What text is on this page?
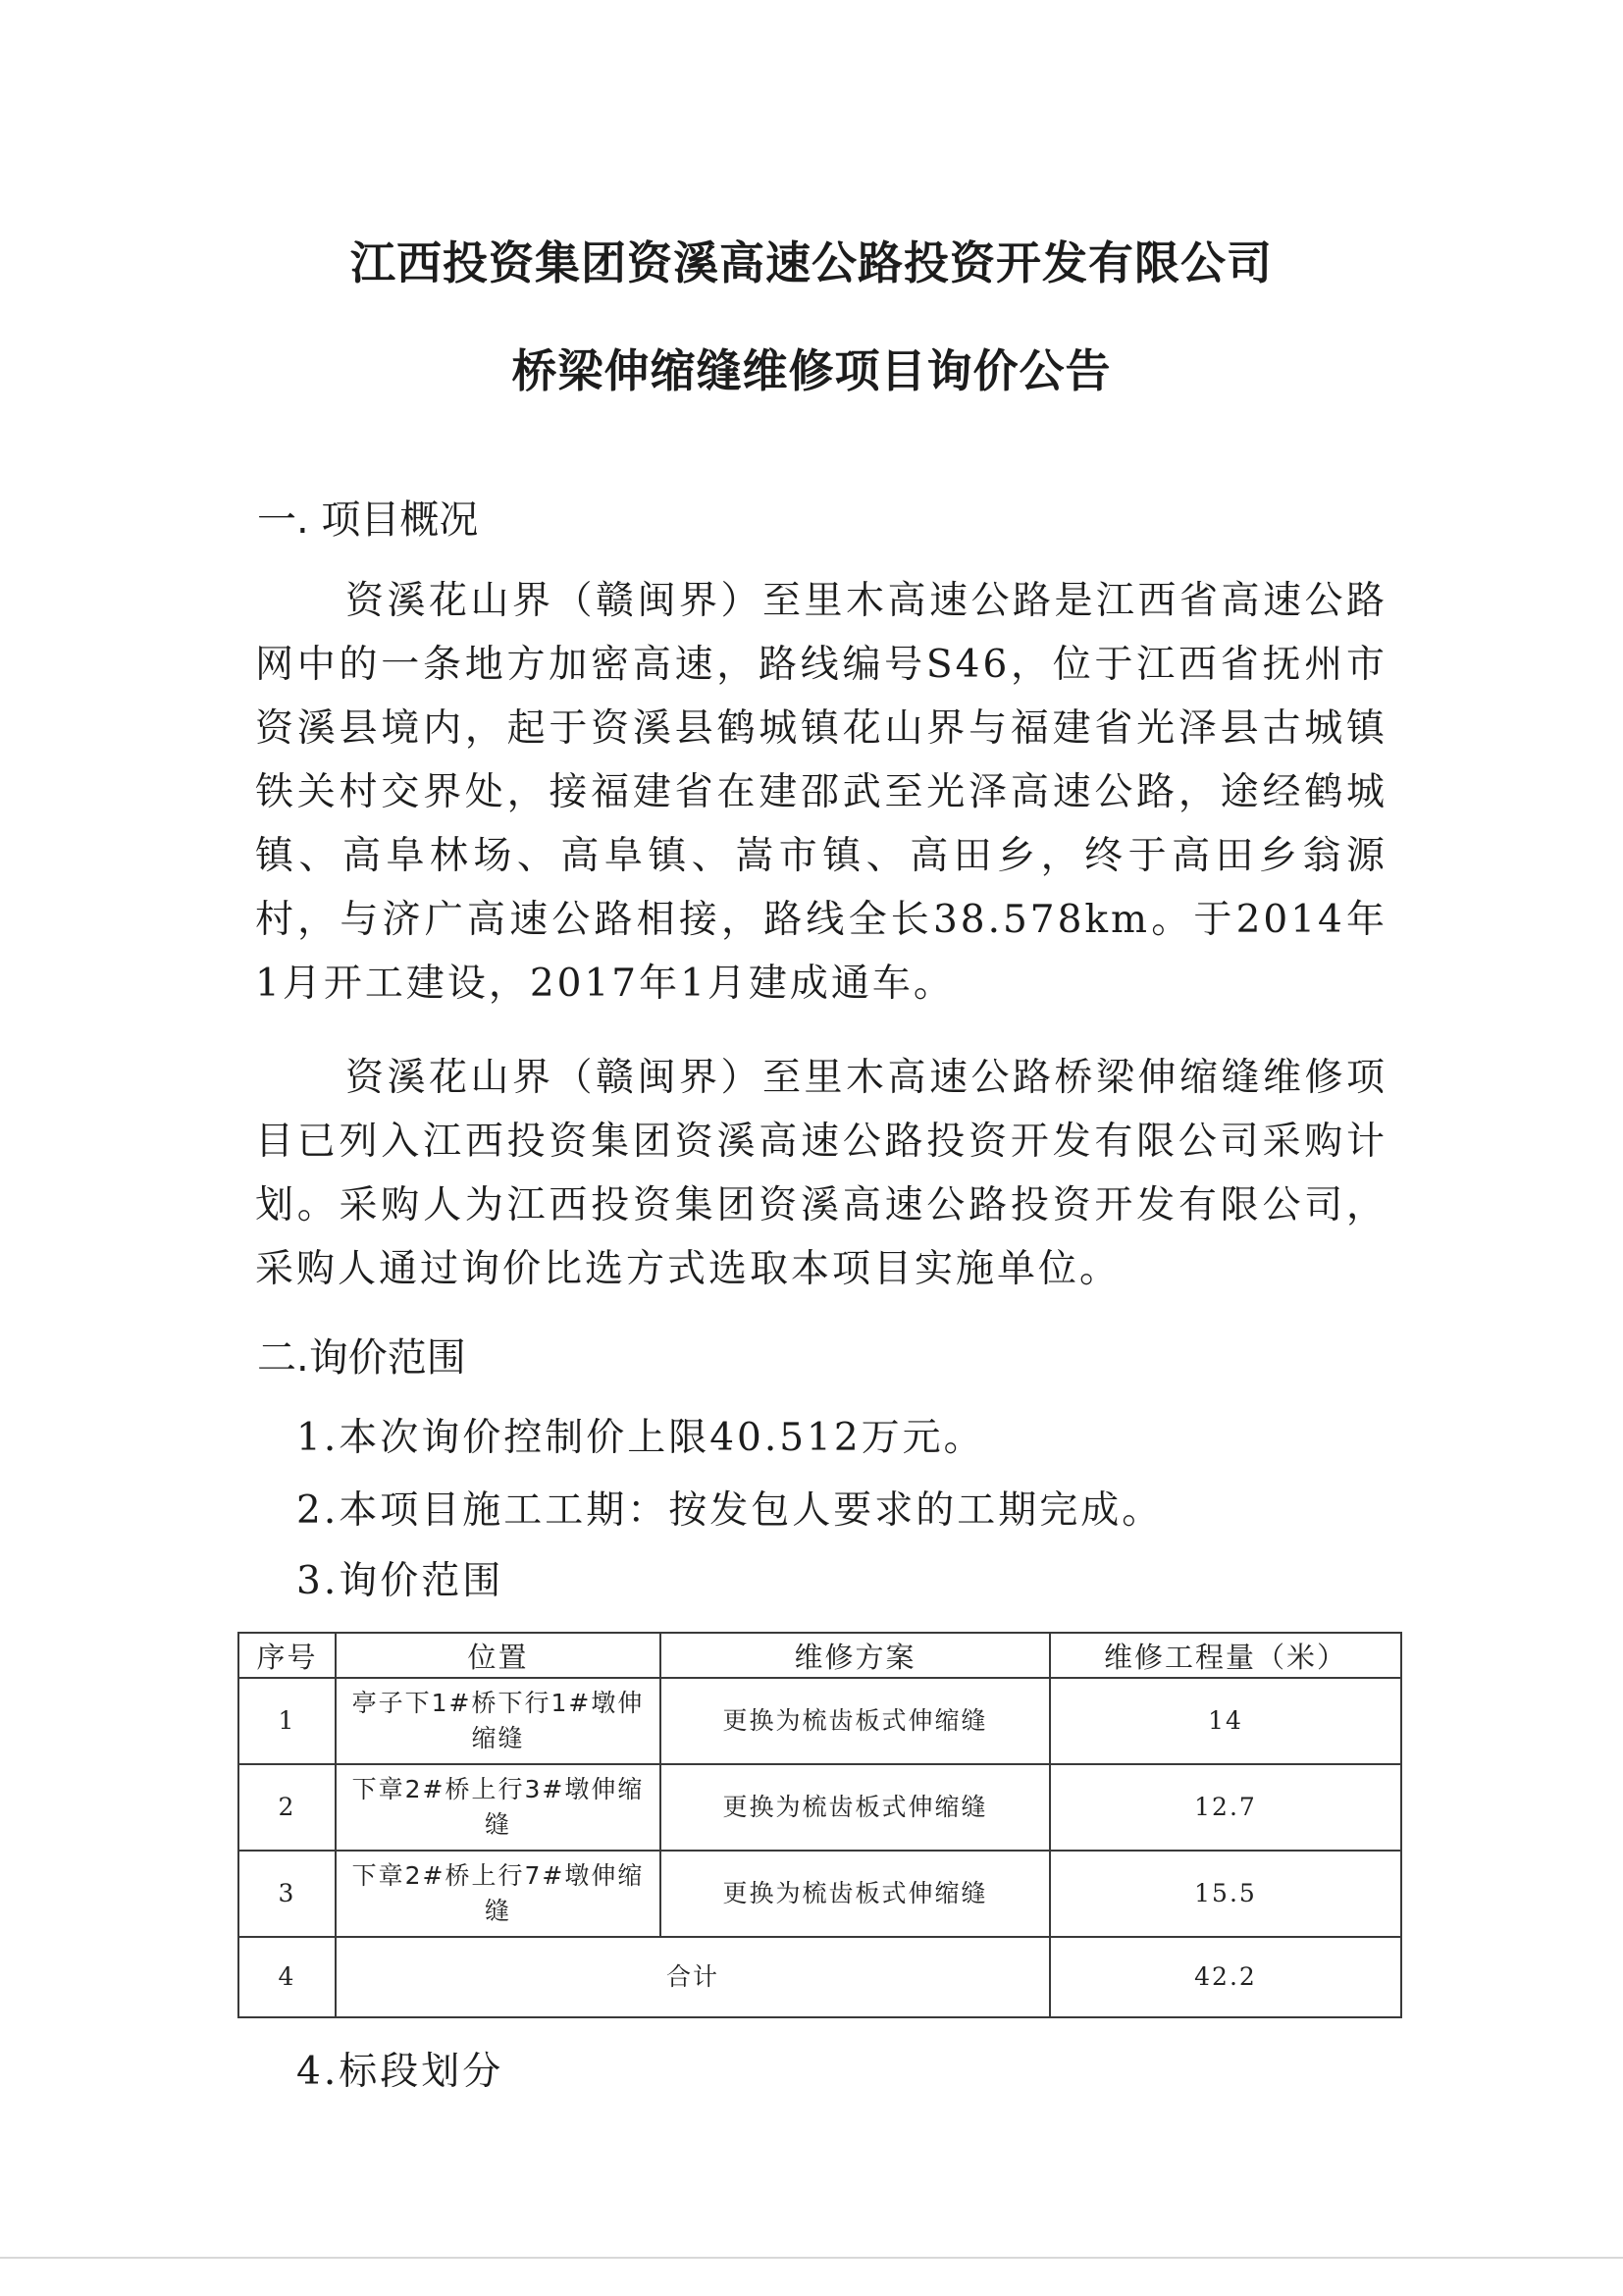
江西投资集团资溪高速公路投资开发有限公司
桥梁伸缩缝维修项目询价公告
一. 项目概况
资溪花山界（赣闽界）至里木高速公路是江西省高速公路网中的一条地方加密高速，路线编号S46，位于江西省抚州市资溪县境内，起于资溪县鹤城镇花山界与福建省光泽县古城镇铁关村交界处，接福建省在建邵武至光泽高速公路，途经鹤城镇、高阜林场、高阜镇、嵩市镇、高田乡，终于高田乡翁源村，与济广高速公路相接，路线全长38.578km。于2014年1月开工建设，2017年1月建成通车。
资溪花山界（赣闽界）至里木高速公路桥梁伸缩缝维修项目已列入江西投资集团资溪高速公路投资开发有限公司采购计划。采购人为江西投资集团资溪高速公路投资开发有限公司，采购人通过询价比选方式选取本项目实施单位。
二.询价范围
1.本次询价控制价上限40.512万元。
2.本项目施工工期：按发包人要求的工期完成。
3.询价范围
序号	位置	维修方案	维修工程量（米）
1	亭子下1#桥下行1#墩伸缩缝	更换为梳齿板式伸缩缝	14
2	下章2#桥上行3#墩伸缩缝	更换为梳齿板式伸缩缝	12.7
3	下章2#桥上行7#墩伸缩缝	更换为梳齿板式伸缩缝	15.5
4	合计		42.2
4.标段划分
